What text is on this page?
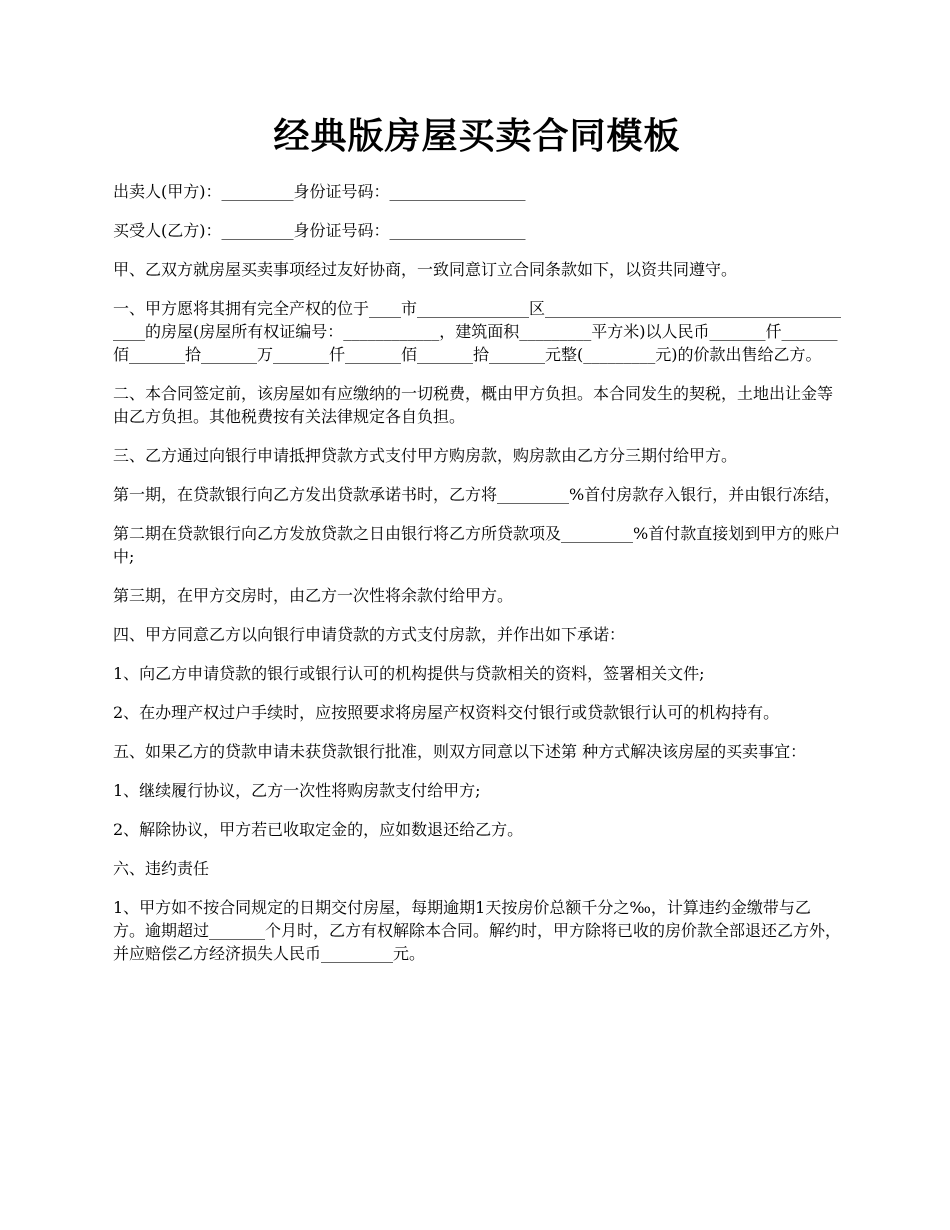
经典版房屋买卖合同模板

出卖人(甲方)：_________身份证号码：_________________

买受人(乙方)：_________身份证号码：_________________

甲、乙双方就房屋买卖事项经过友好协商，一致同意订立合同条款如下，以资共同遵守。

一、甲方愿将其拥有完全产权的位于____市______________区_________________________________________的房屋(房屋所有权证编号：____________，建筑面积_________平方米)以人民币_______仟_______佰_______拾_______万_______仟_______佰_______拾_______元整(_________元)的价款出售给乙方。

二、本合同签定前，该房屋如有应缴纳的一切税费，概由甲方负担。本合同发生的契税，土地出让金等由乙方负担。其他税费按有关法律规定各自负担。

三、乙方通过向银行申请抵押贷款方式支付甲方购房款，购房款由乙方分三期付给甲方。

第一期，在贷款银行向乙方发出贷款承诺书时，乙方将_________%首付房款存入银行，并由银行冻结，

第二期在贷款银行向乙方发放贷款之日由银行将乙方所贷款项及_________%首付款直接划到甲方的账户中;

第三期，在甲方交房时，由乙方一次性将余款付给甲方。

四、甲方同意乙方以向银行申请贷款的方式支付房款，并作出如下承诺：

1、向乙方申请贷款的银行或银行认可的机构提供与贷款相关的资料，签署相关文件;

2、在办理产权过户手续时，应按照要求将房屋产权资料交付银行或贷款银行认可的机构持有。

五、如果乙方的贷款申请未获贷款银行批准，则双方同意以下述第 种方式解决该房屋的买卖事宜：

1、继续履行协议，乙方一次性将购房款支付给甲方;

2、解除协议，甲方若已收取定金的，应如数退还给乙方。

六、违约责任

1、甲方如不按合同规定的日期交付房屋，每期逾期1天按房价总额千分之‰，计算违约金缴带与乙方。逾期超过_______个月时，乙方有权解除本合同。解约时，甲方除将已收的房价款全部退还乙方外，并应赔偿乙方经济损失人民币_________元。
